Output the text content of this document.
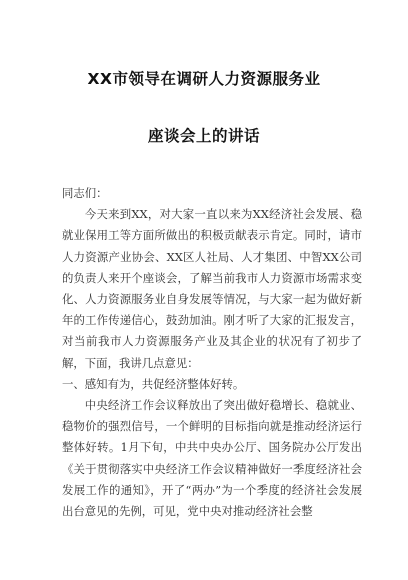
XX市领导在调研人力资源服务业
座谈会上的讲话

同志们：

今天来到XX，对大家一直以来为XX经济社会发展、稳就业保用工等方面所做出的积极贡献表示肯定。同时，请市人力资源产业协会、XX区人社局、人才集团、中智XX公司的负责人来开个座谈会，了解当前我市人力资源市场需求变化、人力资源服务业自身发展等情况，与大家一起为做好新年的工作传递信心，鼓劲加油。刚才听了大家的汇报发言，对当前我市人力资源服务产业及其企业的状况有了初步了解，下面，我讲几点意见：

一、感知有为，共促经济整体好转。

中央经济工作会议释放出了突出做好稳增长、稳就业、稳物价的强烈信号，一个鲜明的目标指向就是推动经济运行整体好转。1月下旬，中共中央办公厅、国务院办公厅发出《关于贯彻落实中央经济工作会议精神做好一季度经济社会发展工作的通知》，开了“两办”为一个季度的经济社会发展出台意见的先例，可见，党中央对推动经济社会整
